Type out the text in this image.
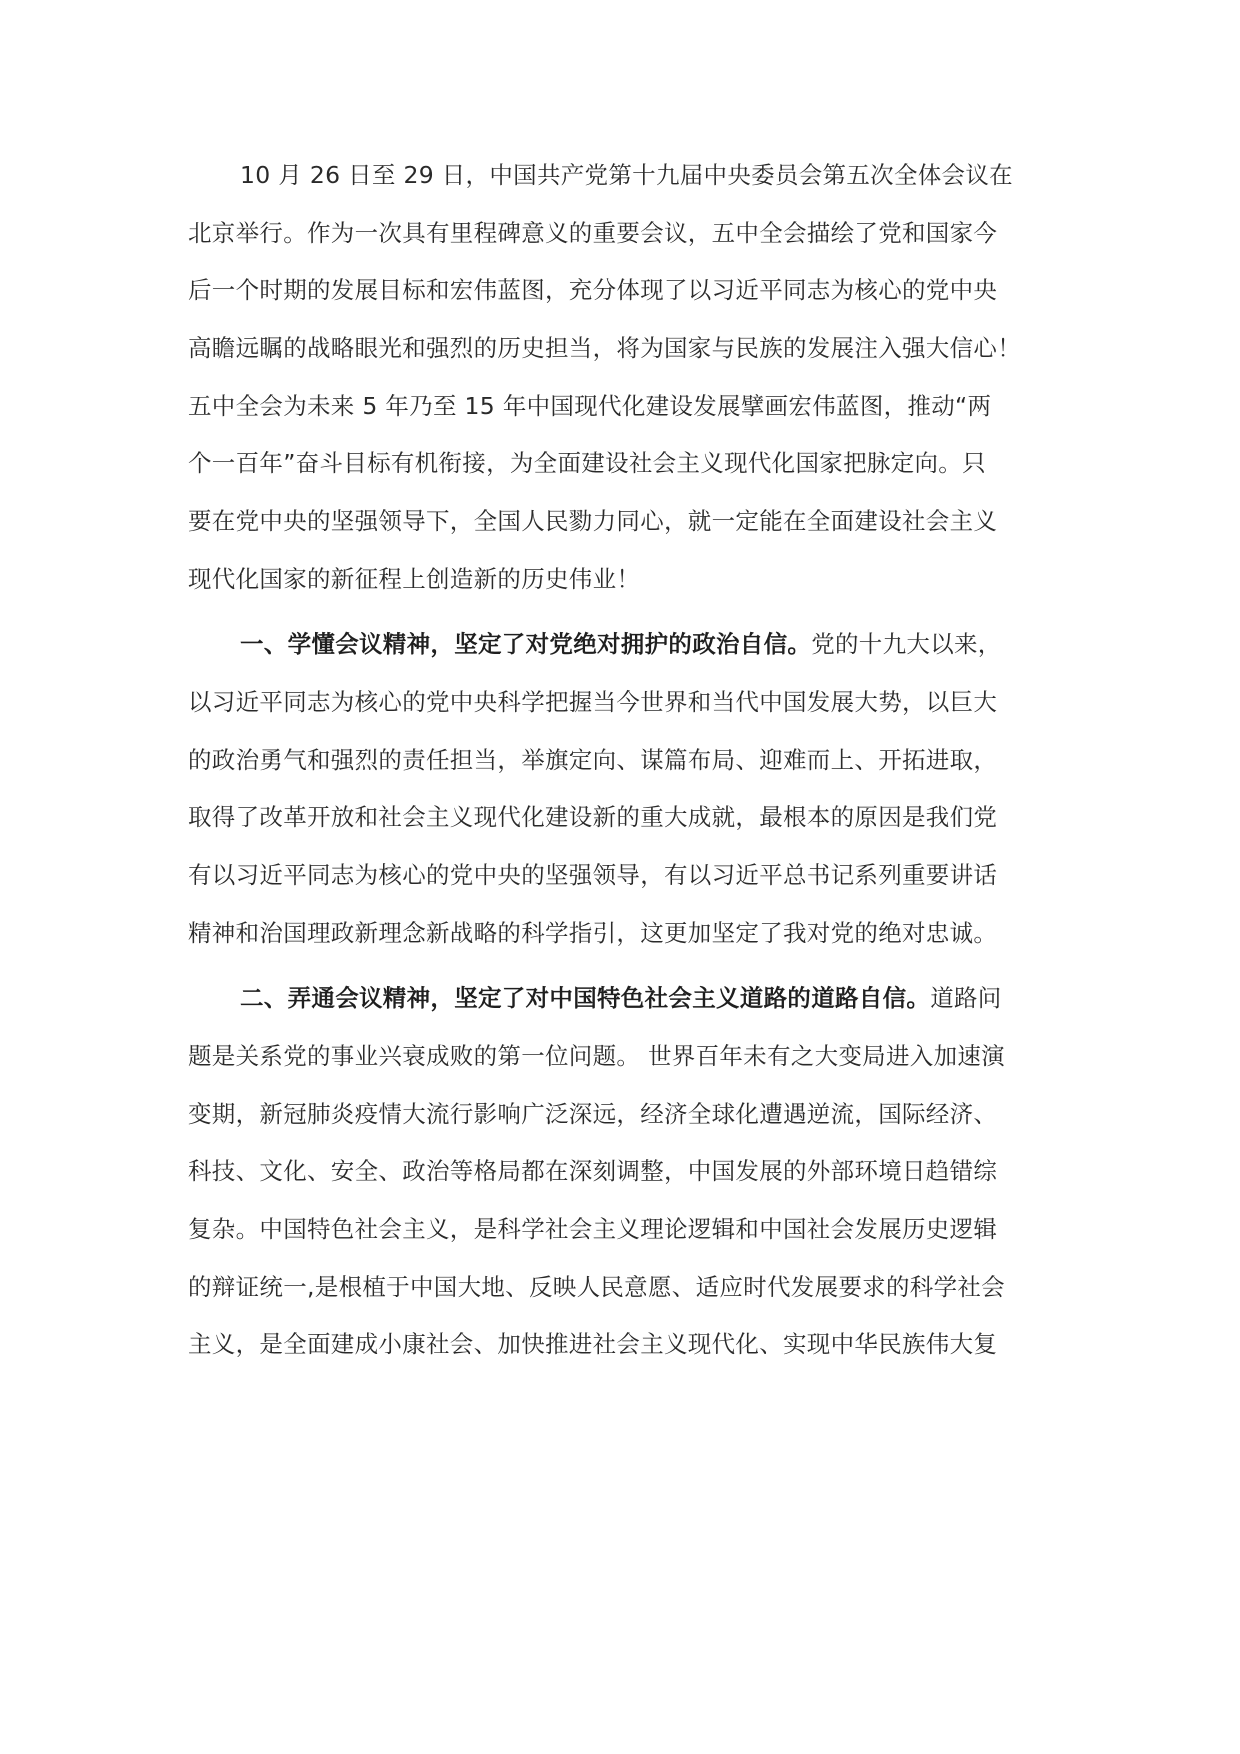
10 月 26 日至 29 日，中国共产党第十九届中央委员会第五次全体会议在
北京举行。作为一次具有里程碑意义的重要会议，五中全会描绘了党和国家今
后一个时期的发展目标和宏伟蓝图，充分体现了以习近平同志为核心的党中央
高瞻远瞩的战略眼光和强烈的历史担当，将为国家与民族的发展注入强大信心！
五中全会为未来 5 年乃至 15 年中国现代化建设发展擘画宏伟蓝图，推动“两
个一百年”奋斗目标有机衔接，为全面建设社会主义现代化国家把脉定向。只
要在党中央的坚强领导下，全国人民勠力同心，就一定能在全面建设社会主义
现代化国家的新征程上创造新的历史伟业！
一、学懂会议精神，坚定了对党绝对拥护的政治自信。党的十九大以来，
以习近平同志为核心的党中央科学把握当今世界和当代中国发展大势，以巨大
的政治勇气和强烈的责任担当，举旗定向、谋篇布局、迎难而上、开拓进取，
取得了改革开放和社会主义现代化建设新的重大成就，最根本的原因是我们党
有以习近平同志为核心的党中央的坚强领导，有以习近平总书记系列重要讲话
精神和治国理政新理念新战略的科学指引，这更加坚定了我对党的绝对忠诚。
二、弄通会议精神，坚定了对中国特色社会主义道路的道路自信。道路问
题是关系党的事业兴衰成败的第一位问题。 世界百年未有之大变局进入加速演
变期，新冠肺炎疫情大流行影响广泛深远，经济全球化遭遇逆流，国际经济、
科技、文化、安全、政治等格局都在深刻调整，中国发展的外部环境日趋错综
复杂。中国特色社会主义，是科学社会主义理论逻辑和中国社会发展历史逻辑
的辩证统一,是根植于中国大地、反映人民意愿、适应时代发展要求的科学社会
主义，是全面建成小康社会、加快推进社会主义现代化、实现中华民族伟大复
